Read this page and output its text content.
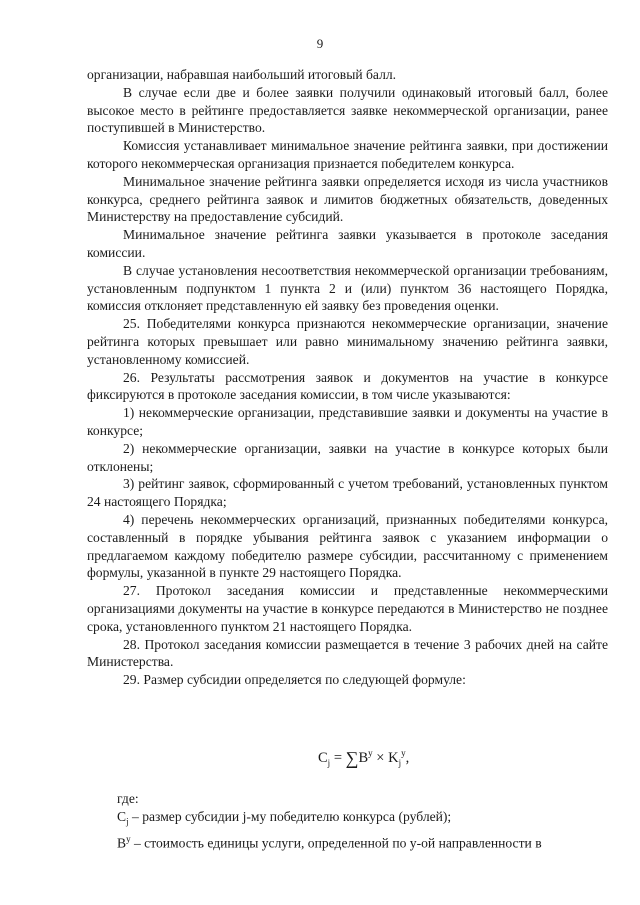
9

организации, набравшая наибольший итоговый балл.

В случае если две и более заявки получили одинаковый итоговый балл, более высокое место в рейтинге предоставляется заявке некоммерческой организации, ранее поступившей в Министерство.

Комиссия устанавливает минимальное значение рейтинга заявки, при достижении которого некоммерческая организация признается победителем конкурса.

Минимальное значение рейтинга заявки определяется исходя из числа участников конкурса, среднего рейтинга заявок и лимитов бюджетных обязательств, доведенных Министерству на предоставление субсидий.

Минимальное значение рейтинга заявки указывается в протоколе заседания комиссии.

В случае установления несоответствия некоммерческой организации требованиям, установленным подпунктом 1 пункта 2 и (или) пунктом 36 настоящего Порядка, комиссия отклоняет представленную ей заявку без проведения оценки.

25. Победителями конкурса признаются некоммерческие организации, значение рейтинга которых превышает или равно минимальному значению рейтинга заявки, установленному комиссией.

26. Результаты рассмотрения заявок и документов на участие в конкурсе фиксируются в протоколе заседания комиссии, в том числе указываются:

1) некоммерческие организации, представившие заявки и документы на участие в конкурсе;

2) некоммерческие организации, заявки на участие в конкурсе которых были отклонены;

3) рейтинг заявок, сформированный с учетом требований, установленных пунктом 24 настоящего Порядка;

4) перечень некоммерческих организаций, признанных победителями конкурса, составленный в порядке убывания рейтинга заявок с указанием информации о предлагаемом каждому победителю размере субсидии, рассчитанному с применением формулы, указанной в пункте 29 настоящего Порядка.

27. Протокол заседания комиссии и представленные некоммерческими организациями документы на участие в конкурсе передаются в Министерство не позднее срока, установленного пунктом 21 настоящего Порядка.

28. Протокол заседания комиссии размещается в течение 3 рабочих дней на сайте Министерства.

29. Размер субсидии определяется по следующей формуле:

$C_j = \sum B^y \times K_j^y$,

где:

$C_j$ – размер субсидии j-му победителю конкурса (рублей);

$B^y$ – стоимость единицы услуги, определенной по y-ой направленности в
